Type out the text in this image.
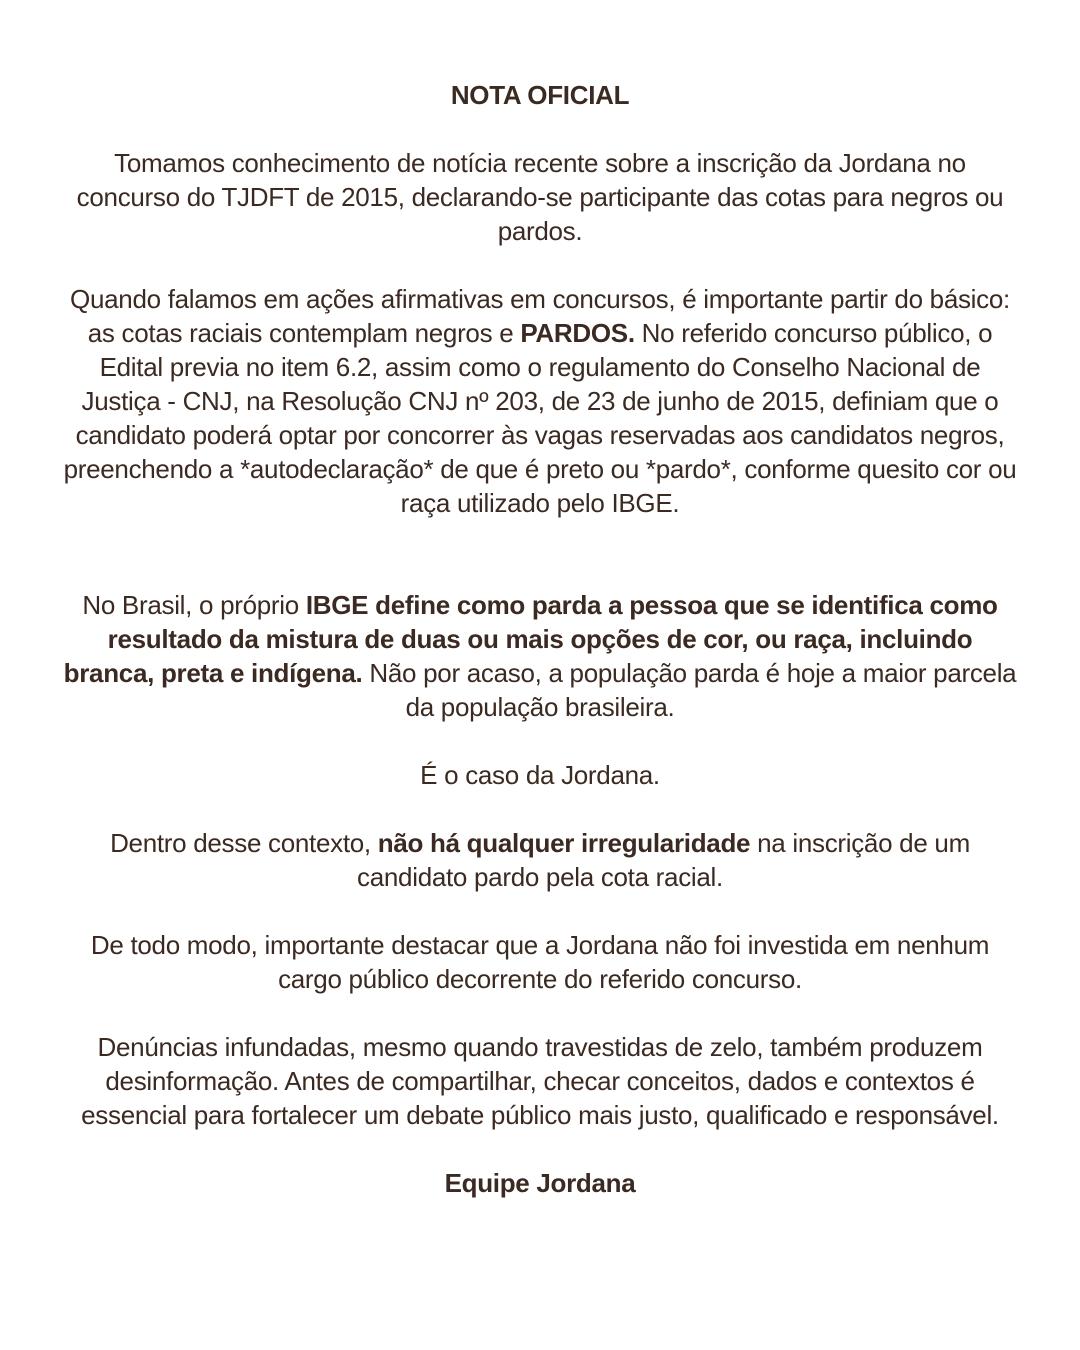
NOTA OFICIAL

Tomamos conhecimento de notícia recente sobre a inscrição da Jordana no concurso do TJDFT de 2015, declarando-se participante das cotas para negros ou pardos.

Quando falamos em ações afirmativas em concursos, é importante partir do básico: as cotas raciais contemplam negros e PARDOS. No referido concurso público, o Edital previa no item 6.2, assim como o regulamento do Conselho Nacional de Justiça - CNJ, na Resolução CNJ nº 203, de 23 de junho de 2015, definiam que o candidato poderá optar por concorrer às vagas reservadas aos candidatos negros, preenchendo a *autodeclaração* de que é preto ou *pardo*, conforme quesito cor ou raça utilizado pelo IBGE.

No Brasil, o próprio IBGE define como parda a pessoa que se identifica como resultado da mistura de duas ou mais opções de cor, ou raça, incluindo branca, preta e indígena. Não por acaso, a população parda é hoje a maior parcela da população brasileira.

É o caso da Jordana.

Dentro desse contexto, não há qualquer irregularidade na inscrição de um candidato pardo pela cota racial.

De todo modo, importante destacar que a Jordana não foi investida em nenhum cargo público decorrente do referido concurso.

Denúncias infundadas, mesmo quando travestidas de zelo, também produzem desinformação. Antes de compartilhar, checar conceitos, dados e contextos é essencial para fortalecer um debate público mais justo, qualificado e responsável.

Equipe Jordana
